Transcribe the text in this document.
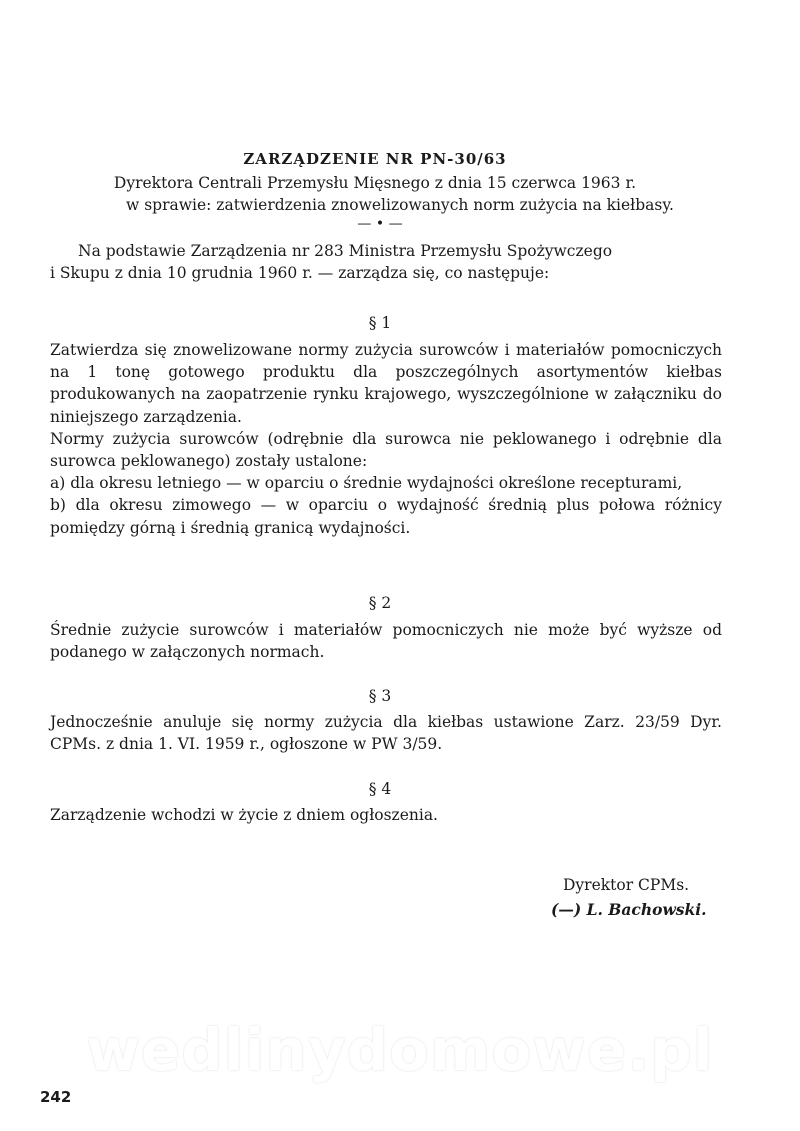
ZARZĄDZENIE NR PN-30/63
Dyrektora Centrali Przemysłu Mięsnego z dnia 15 czerwca 1963 r.
w sprawie: zatwierdzenia znowelizowanych norm zużycia na kiełbasy.
— • —

Na podstawie Zarządzenia nr 283 Ministra Przemysłu Spożywczego

i Skupu z dnia 10 grudnia 1960 r. — zarządza się, co następuje:

§ 1

Zatwierdza się znowelizowane normy zużycia surowców i materiałów pomocniczych na 1 tonę gotowego produktu dla poszczególnych asortymentów kiełbas produkowanych na zaopatrzenie rynku krajowego, wyszczególnione w załączniku do niniejszego zarządzenia.

Normy zużycia surowców (odrębnie dla surowca nie peklowanego i odrębnie dla surowca peklowanego) zostały ustalone:

a) dla okresu letniego — w oparciu o średnie wydajności określone recepturami,

b) dla okresu zimowego — w oparciu o wydajność średnią plus połowa różnicy pomiędzy górną i średnią granicą wydajności.

§ 2

Średnie zużycie surowców i materiałów pomocniczych nie może być wyższe od podanego w załączonych normach.

§ 3

Jednocześnie anuluje się normy zużycia dla kiełbas ustawione Zarz. 23/59 Dyr. CPMs. z dnia 1. VI. 1959 r., ogłoszone w PW 3/59.

§ 4

Zarządzenie wchodzi w życie z dniem ogłoszenia.

Dyrektor CPMs.
(—) L. Bachowski.
wedlinydomowe.pl
242
